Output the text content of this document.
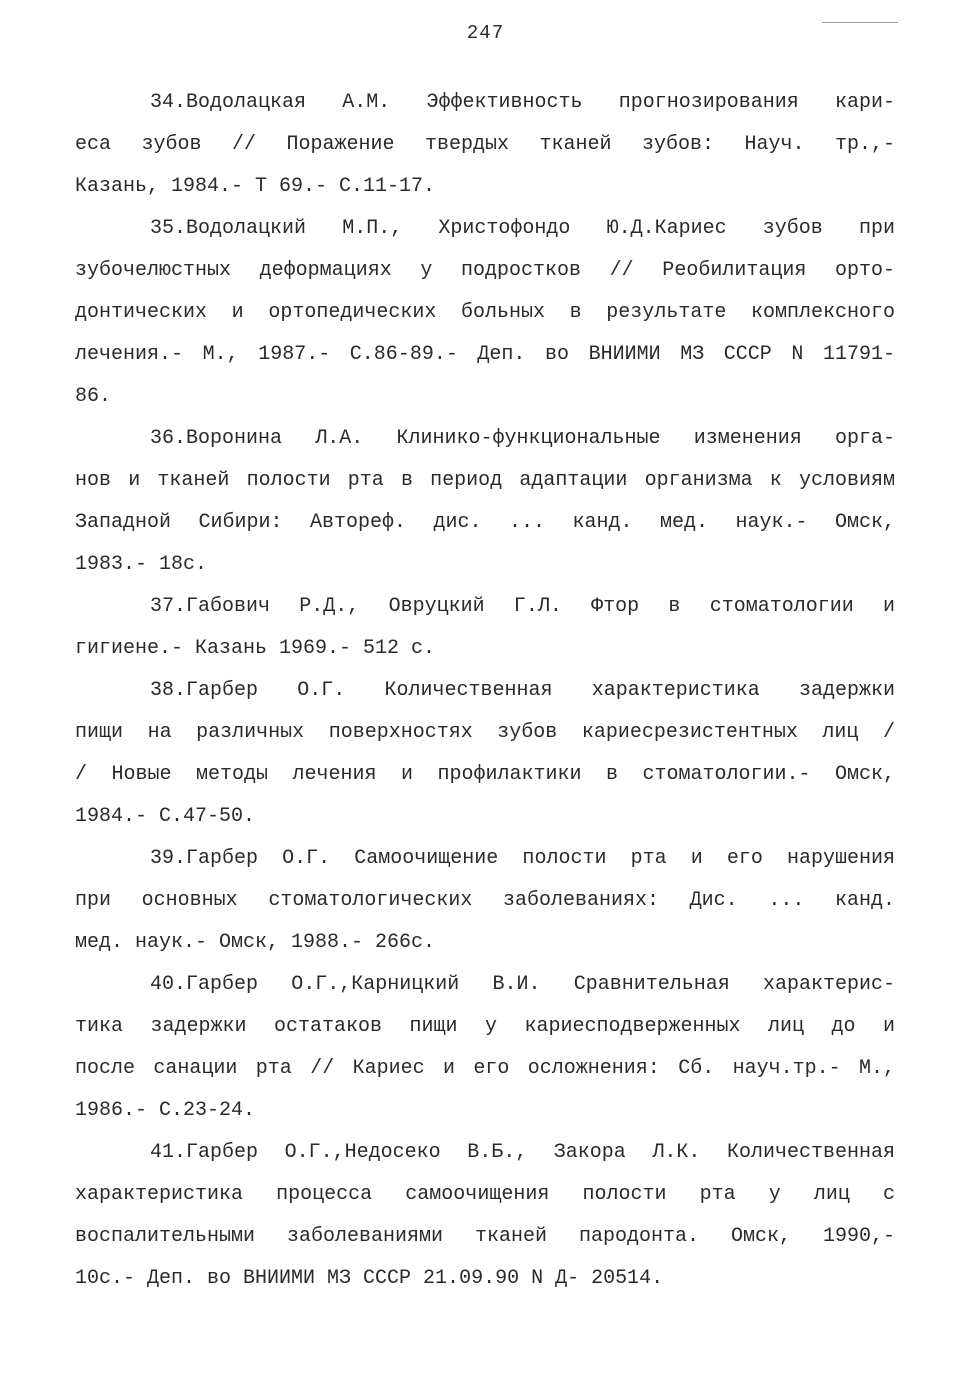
247
34.Водолацкая А.М. Эффективность прогнозирования кари-
еса зубов // Поражение твердых тканей зубов: Науч. тр.,-
Казань, 1984.- Т 69.- С.11-17.
35.Водолацкий М.П., Христофондо Ю.Д.Кариес зубов при
зубочелюстных деформациях у подростков // Реобилитация орто-
донтических и ортопедических больных в результате комплексного
лечения.- М., 1987.- С.86-89.- Деп. во ВНИИМИ МЗ СССР N 11791-
86.
36.Воронина Л.А. Клинико-функциональные изменения орга-
нов и тканей полости рта в период адаптации организма к условиям
Западной Сибири: Автореф. дис. ... канд. мед. наук.- Омск,
1983.- 18с.
37.Габович Р.Д., Овруцкий Г.Л. Фтор в стоматологии и
гигиене.- Казань 1969.- 512 с.
38.Гарбер О.Г. Количественная характеристика задержки
пищи на различных поверхностях зубов кариесрезистентных лиц /
/ Новые методы лечения и профилактики в стоматологии.- Омск,
1984.- С.47-50.
39.Гарбер О.Г. Самоочищение полости рта и его нарушения
при основных стоматологических заболеваниях: Дис. ... канд.
мед. наук.- Омск, 1988.- 266с.
40.Гарбер О.Г.,Карницкий В.И. Сравнительная характерис-
тика задержки остатаков пищи у кариесподверженных лиц до и
после санации рта // Кариес и его осложнения: Сб. науч.тр.- М.,
1986.- С.23-24.
41.Гарбер О.Г.,Недосеко В.Б., Закора Л.К. Количественная
характеристика процесса самоочищения полости рта у лиц с
воспалительными заболеваниями тканей пародонта. Омск, 1990,-
10с.- Деп. во ВНИИМИ МЗ СССР 21.09.90 N Д- 20514.
